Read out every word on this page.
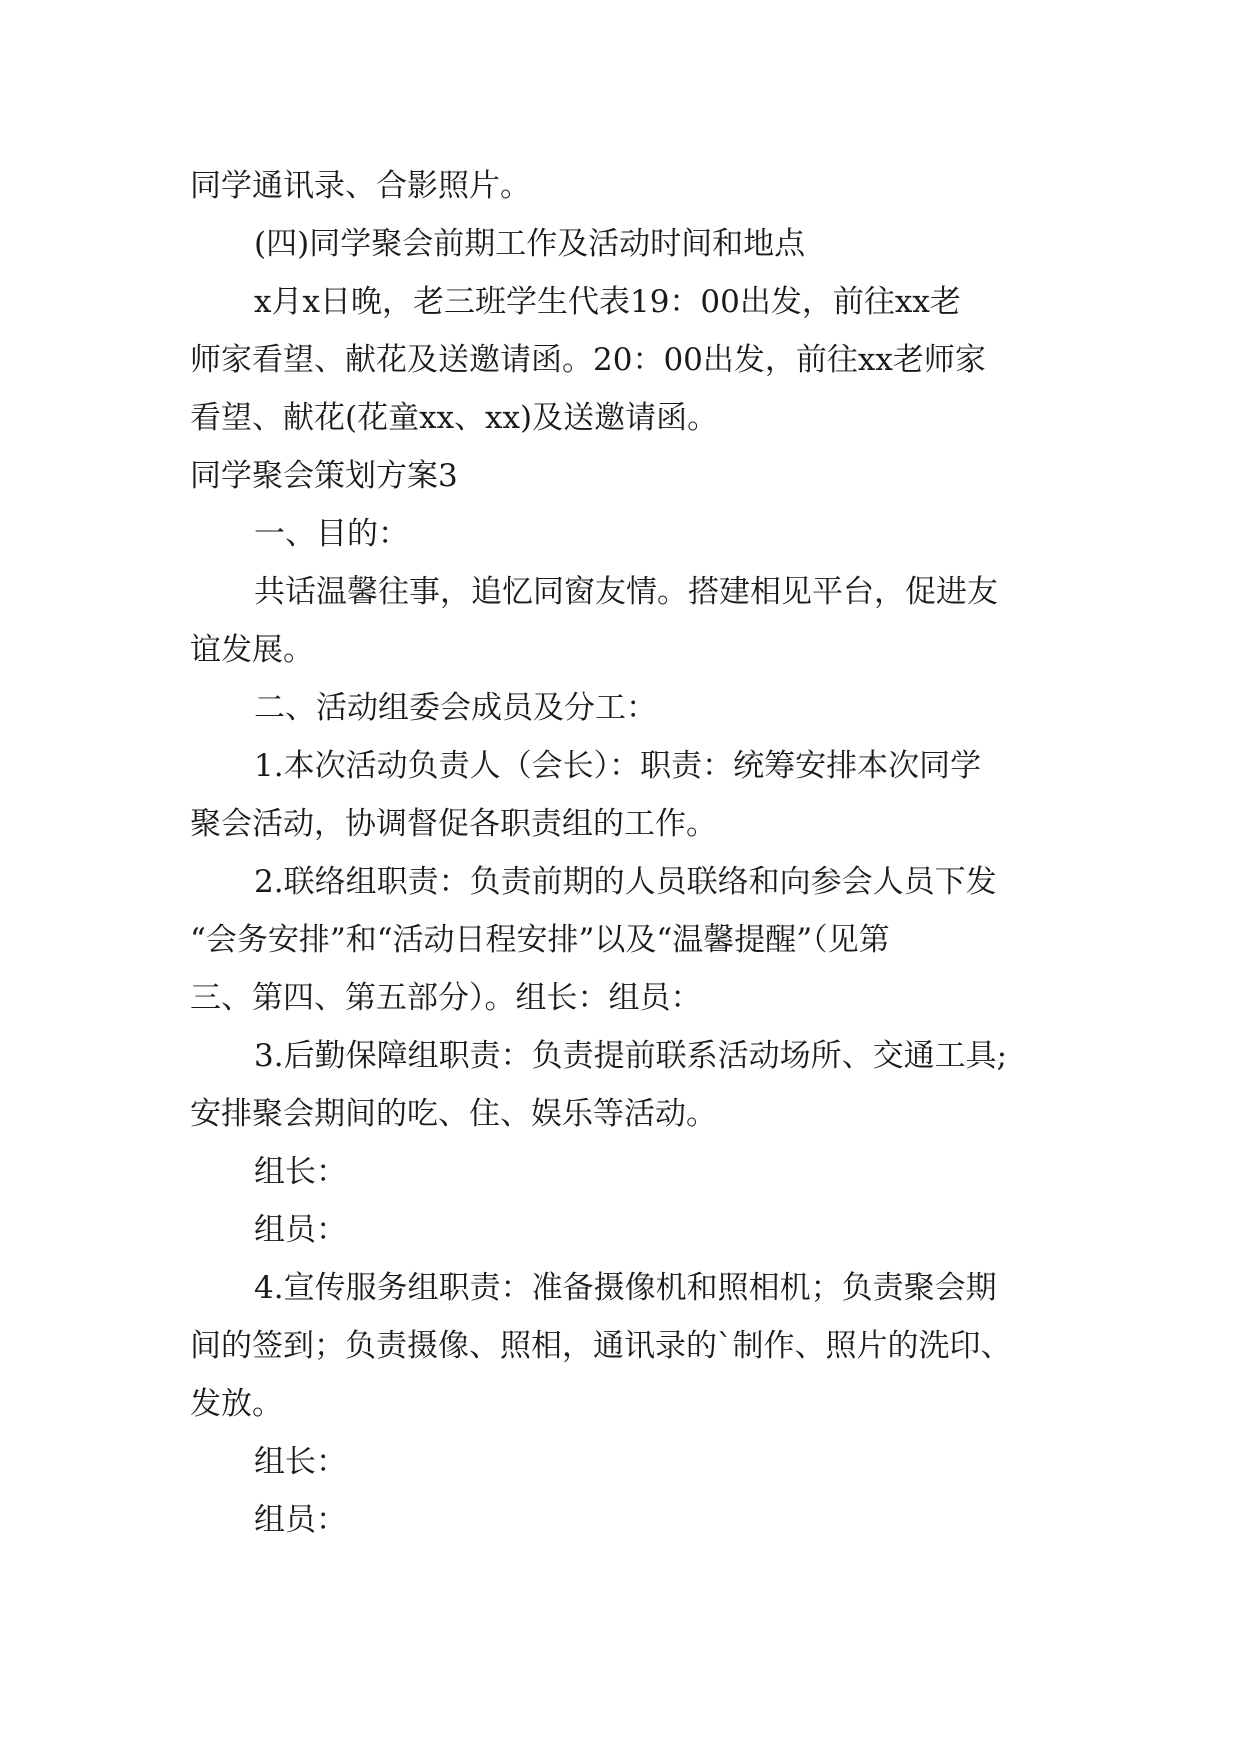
同学通讯录、合影照片。
(四)同学聚会前期工作及活动时间和地点
x月x日晚，老三班学生代表19：00出发，前往xx老
师家看望、献花及送邀请函。20：00出发，前往xx老师家
看望、献花(花童xx、xx)及送邀请函。
同学聚会策划方案3
一、目的：
共话温馨往事，追忆同窗友情。搭建相见平台，促进友
谊发展。
二、活动组委会成员及分工：
1.本次活动负责人（会长）：职责：统筹安排本次同学
聚会活动，协调督促各职责组的工作。
2.联络组职责：负责前期的人员联络和向参会人员下发
“会务安排”和“活动日程安排”以及“温馨提醒”（见第
三、第四、第五部分）。组长：组员：
3.后勤保障组职责：负责提前联系活动场所、交通工具;
安排聚会期间的吃、住、娱乐等活动。
组长：
组员：
4.宣传服务组职责：准备摄像机和照相机；负责聚会期
间的签到；负责摄像、照相，通讯录的`制作、照片的洗印、
发放。
组长：
组员：
